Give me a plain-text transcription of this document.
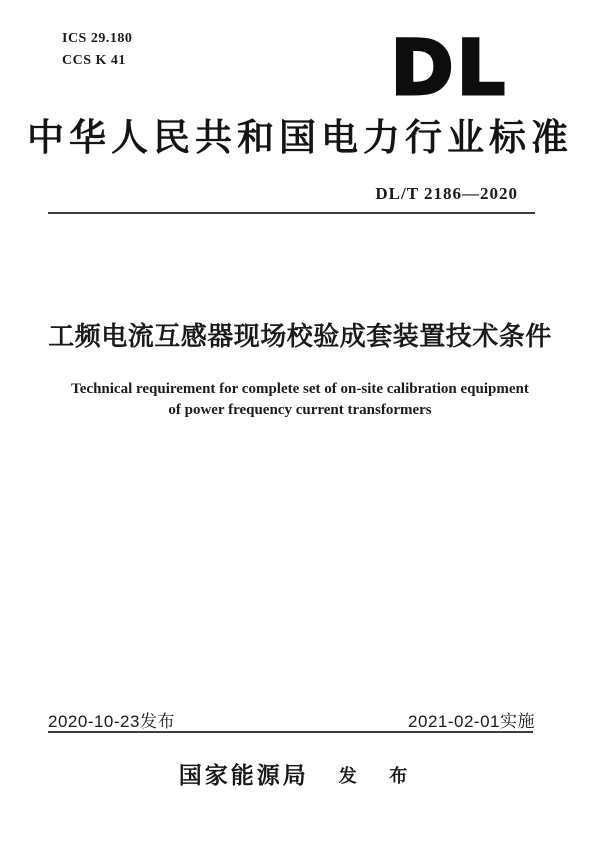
ICS 29.180
CCS K 41	DL
中华人民共和国电力行业标准
DL/T 2186—2020
工频电流互感器现场校验成套装置技术条件
Technical requirement for complete set of on-site calibration equipment
of power frequency current transformers
2020-10-23发布	2021-02-01实施
国家能源局 发 布
